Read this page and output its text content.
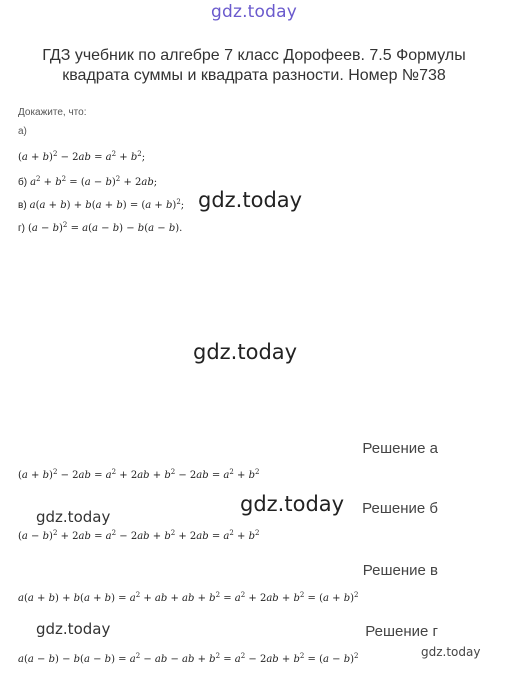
gdz.today
ГДЗ учебник по алгебре 7 класс Дорофеев. 7.5 Формулы
квадрата суммы и квадрата разности. Номер №738
Докажите, что:
а)
$(a + b)^2 - 2ab = a^2 + b^2$;
б) $a^2 + b^2 = (a - b)^2 + 2ab$;
в) $a(a + b) + b(a + b) = (a + b)^2$;
г) $(a - b)^2 = a(a - b) - b(a - b)$.
gdz.today
gdz.today
gdz.today
gdz.today
gdz.today
gdz.today
Решение а
$(a + b)^2 - 2ab = a^2 + 2ab + b^2 - 2ab = a^2 + b^2$
Решение б
$(a - b)^2 + 2ab = a^2 - 2ab + b^2 + 2ab = a^2 + b^2$
Решение в
$a(a + b) + b(a + b) = a^2$ + ab + ab + $b^2 = a^2 + 2ab + b^2 = (a + b)^2$
Решение г
$a(a - b) - b(a - b) = a^2$ − ab − ab + $b^2 = a^2 - 2ab + b^2 = (a - b)^2$
